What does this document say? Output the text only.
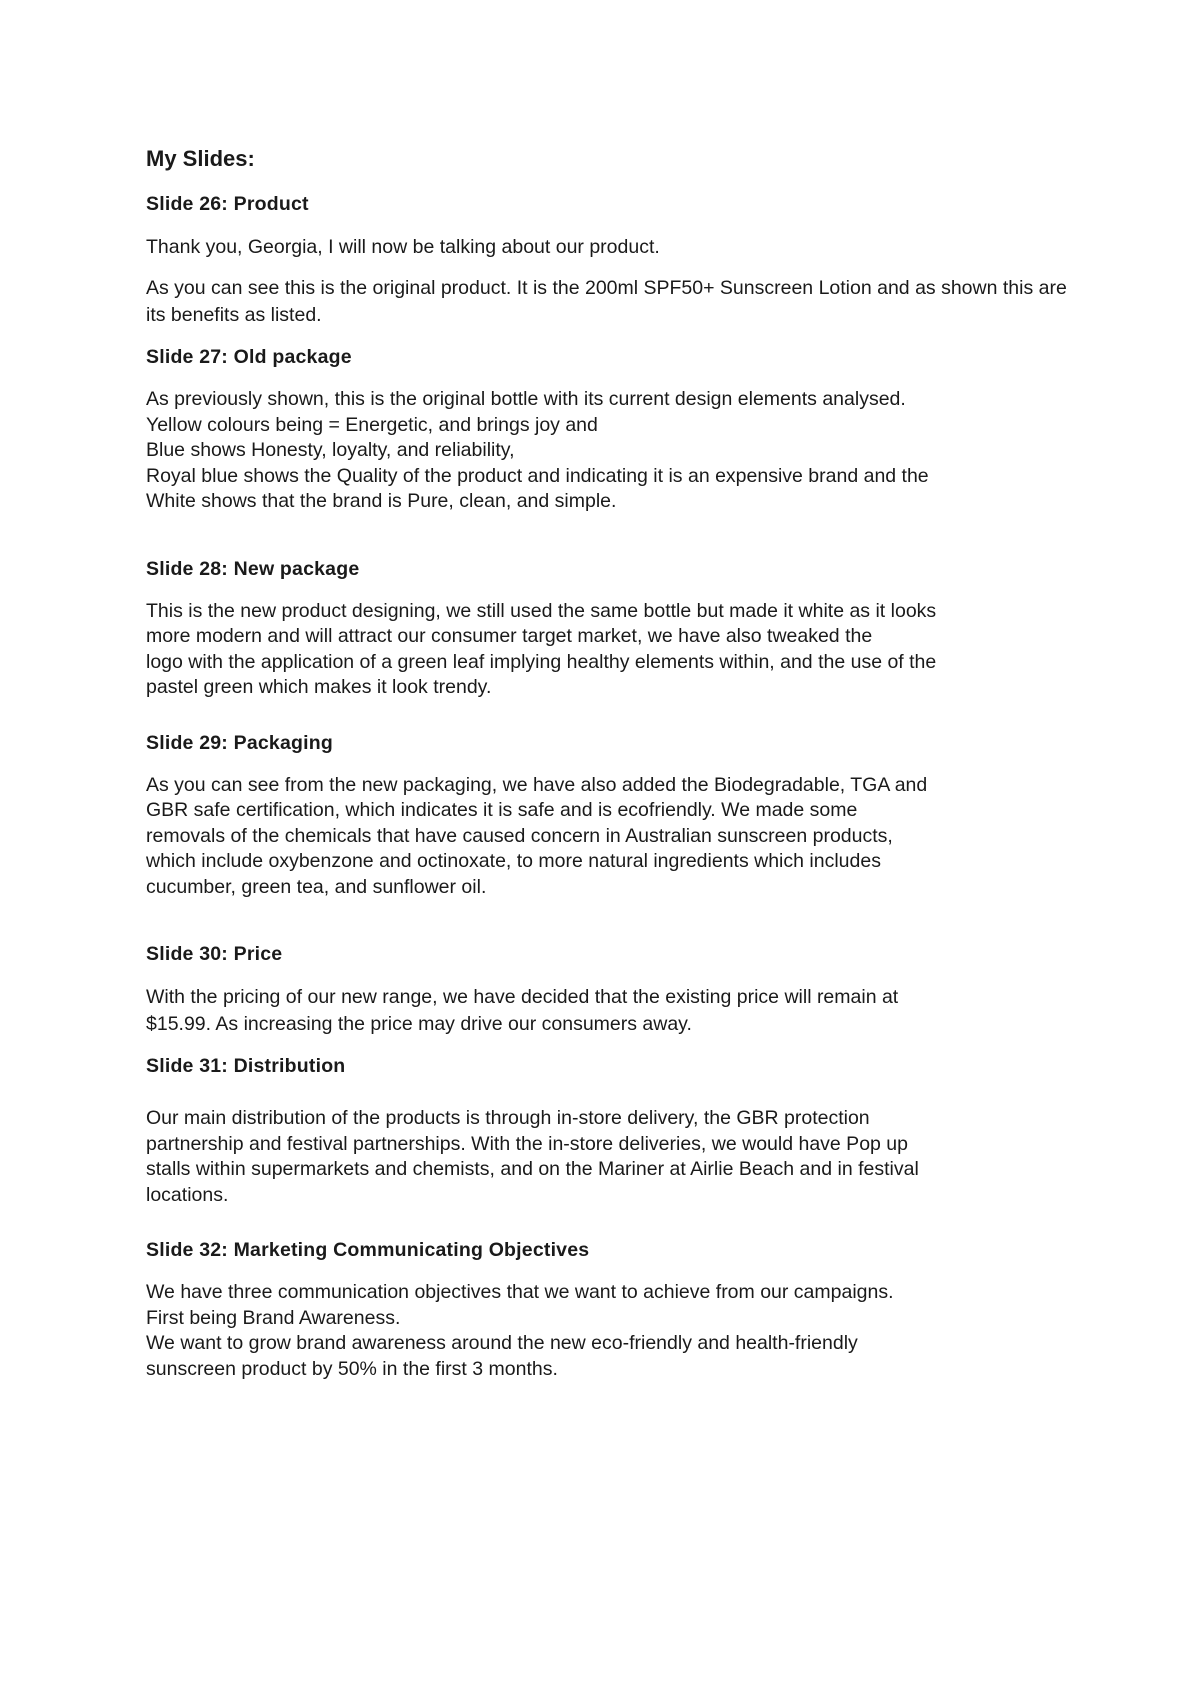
My Slides:
Slide 26: Product
Thank you, Georgia, I will now be talking about our product.
As you can see this is the original product. It is the 200ml SPF50+ Sunscreen Lotion and as shown this are its benefits as listed.
Slide 27: Old package
As previously shown, this is the original bottle with its current design elements analysed.
Yellow colours being = Energetic, and brings joy and
Blue shows Honesty, loyalty, and reliability,
Royal blue shows the Quality of the product and indicating it is an expensive brand and the
White shows that the brand is Pure, clean, and simple.
Slide 28: New package
This is the new product designing, we still used the same bottle but made it white as it looks
more modern and will attract our consumer target market, we have also tweaked the
logo with the application of a green leaf implying healthy elements within, and the use of the
pastel green which makes it look trendy.
Slide 29: Packaging
As you can see from the new packaging, we have also added the Biodegradable, TGA and
GBR safe certification, which indicates it is safe and is ecofriendly. We made some
removals of the chemicals that have caused concern in Australian sunscreen products,
which include oxybenzone and octinoxate, to more natural ingredients which includes
cucumber, green tea, and sunflower oil.
Slide 30: Price
With the pricing of our new range, we have decided that the existing price will remain at
$15.99. As increasing the price may drive our consumers away.
Slide 31: Distribution
Our main distribution of the products is through in-store delivery, the GBR protection
partnership and festival partnerships. With the in-store deliveries, we would have Pop up
stalls within supermarkets and chemists, and on the Mariner at Airlie Beach and in festival
locations.
Slide 32: Marketing Communicating Objectives
We have three communication objectives that we want to achieve from our campaigns.
First being Brand Awareness.
We want to grow brand awareness around the new eco-friendly and health-friendly
sunscreen product by 50% in the first 3 months.
